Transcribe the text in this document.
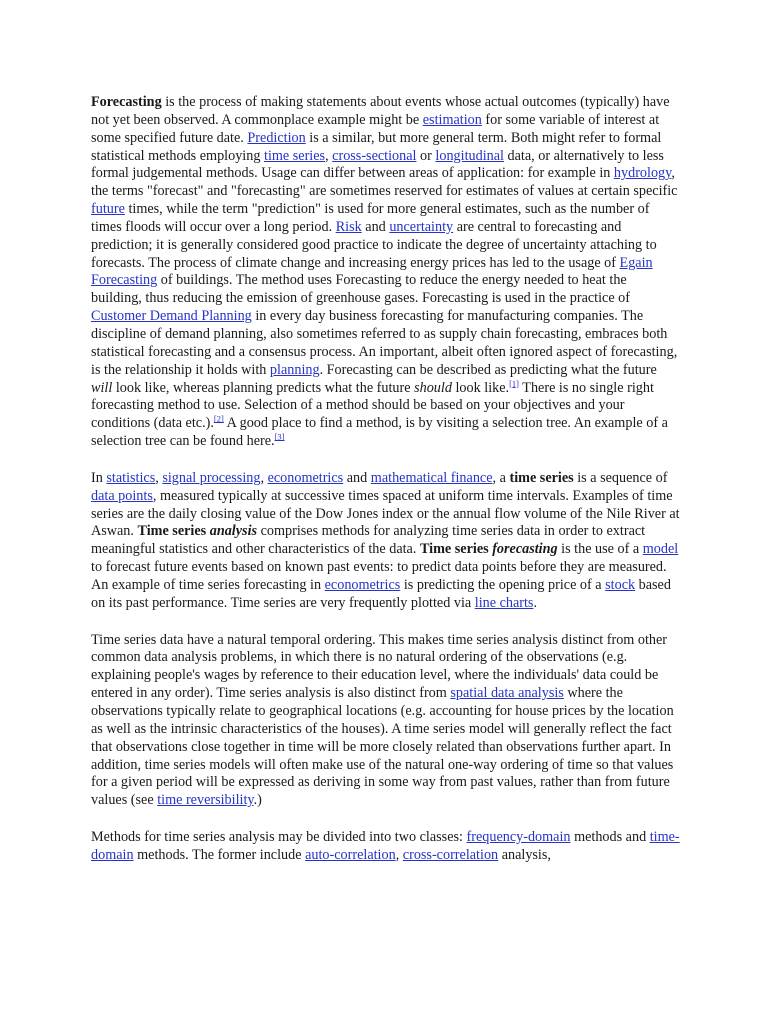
Forecasting is the process of making statements about events whose actual outcomes (typically) have not yet been observed. A commonplace example might be estimation for some variable of interest at some specified future date. Prediction is a similar, but more general term. Both might refer to formal statistical methods employing time series, cross-sectional or longitudinal data, or alternatively to less formal judgemental methods. Usage can differ between areas of application: for example in hydrology, the terms "forecast" and "forecasting" are sometimes reserved for estimates of values at certain specific future times, while the term "prediction" is used for more general estimates, such as the number of times floods will occur over a long period. Risk and uncertainty are central to forecasting and prediction; it is generally considered good practice to indicate the degree of uncertainty attaching to forecasts. The process of climate change and increasing energy prices has led to the usage of Egain Forecasting of buildings. The method uses Forecasting to reduce the energy needed to heat the building, thus reducing the emission of greenhouse gases. Forecasting is used in the practice of Customer Demand Planning in every day business forecasting for manufacturing companies. The discipline of demand planning, also sometimes referred to as supply chain forecasting, embraces both statistical forecasting and a consensus process. An important, albeit often ignored aspect of forecasting, is the relationship it holds with planning. Forecasting can be described as predicting what the future will look like, whereas planning predicts what the future should look like.[1] There is no single right forecasting method to use. Selection of a method should be based on your objectives and your conditions (data etc.).[2] A good place to find a method, is by visiting a selection tree. An example of a selection tree can be found here.[3]

In statistics, signal processing, econometrics and mathematical finance, a time series is a sequence of data points, measured typically at successive times spaced at uniform time intervals. Examples of time series are the daily closing value of the Dow Jones index or the annual flow volume of the Nile River at Aswan. Time series analysis comprises methods for analyzing time series data in order to extract meaningful statistics and other characteristics of the data. Time series forecasting is the use of a model to forecast future events based on known past events: to predict data points before they are measured. An example of time series forecasting in econometrics is predicting the opening price of a stock based on its past performance. Time series are very frequently plotted via line charts.

Time series data have a natural temporal ordering. This makes time series analysis distinct from other common data analysis problems, in which there is no natural ordering of the observations (e.g. explaining people's wages by reference to their education level, where the individuals' data could be entered in any order). Time series analysis is also distinct from spatial data analysis where the observations typically relate to geographical locations (e.g. accounting for house prices by the location as well as the intrinsic characteristics of the houses). A time series model will generally reflect the fact that observations close together in time will be more closely related than observations further apart. In addition, time series models will often make use of the natural one-way ordering of time so that values for a given period will be expressed as deriving in some way from past values, rather than from future values (see time reversibility.)

Methods for time series analysis may be divided into two classes: frequency-domain methods and time-domain methods. The former include auto-correlation, cross-correlation analysis,
